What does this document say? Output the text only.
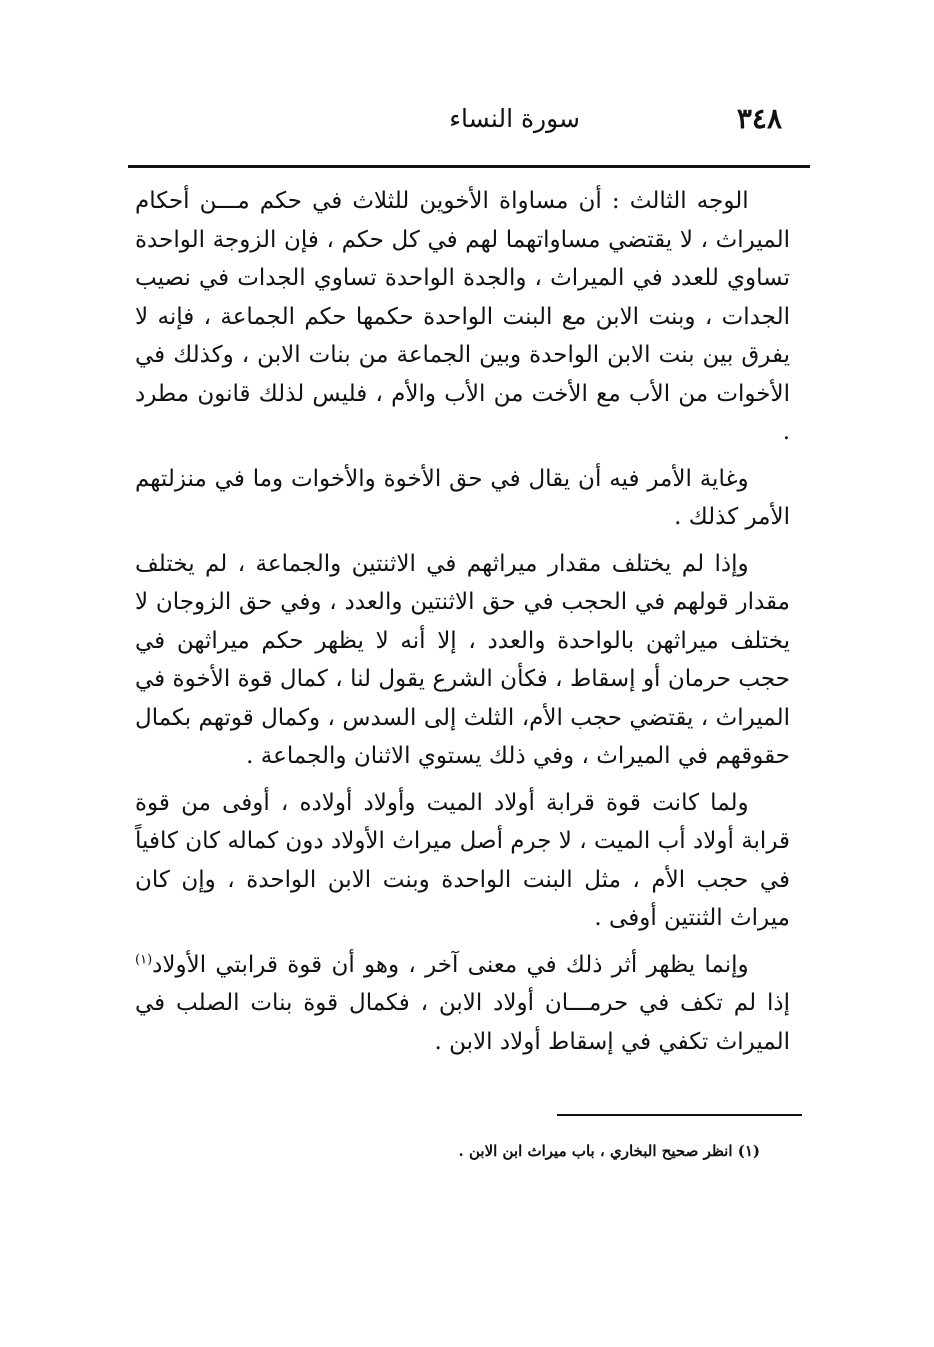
٣٤٨
سورة النساء

الوجه الثالث : أن مساواة الأخوين للثلاث في حكم مـــن أحكام الميراث ، لا يقتضي مساواتهما لهم في كل حكم ، فإن الزوجة الواحدة تساوي للعدد في الميراث ، والجدة الواحدة تساوي الجدات في نصيب الجدات ، وبنت الابن مع البنت الواحدة حكمها حكم الجماعة ، فإنه لا يفرق بين بنت الابن الواحدة وبين الجماعة من بنات الابن ، وكذلك في الأخوات من الأب مع الأخت من الأب والأم ، فليس لذلك قانون مطرد .

وغاية الأمر فيه أن يقال في حق الأخوة والأخوات وما في منزلتهم الأمر كذلك .

وإذا لم يختلف مقدار ميراثهم في الاثنتين والجماعة ، لم يختلف مقدار قولهم في الحجب في حق الاثنتين والعدد ، وفي حق الزوجان لا يختلف ميراثهن بالواحدة والعدد ، إلا أنه لا يظهر حكم ميراثهن في حجب حرمان أو إسقاط ، فكأن الشرع يقول لنا ، كمال قوة الأخوة في الميراث ، يقتضي حجب الأم، الثلث إلى السدس ، وكمال قوتهم بكمال حقوقهم في الميراث ، وفي ذلك يستوي الاثنان والجماعة .

ولما كانت قوة قرابة أولاد الميت وأولاد أولاده ، أوفى من قوة قرابة أولاد أب الميت ، لا جرم أصل ميراث الأولاد دون كماله كان كافياً في حجب الأم ، مثل البنت الواحدة وبنت الابن الواحدة ، وإن كان ميراث الثنتين أوفى .

وإنما يظهر أثر ذلك في معنى آخر ، وهو أن قوة قرابتي الأولاد$^{(١)}$ إذا لم تكف في حرمـــان أولاد الابن ، فكمال قوة بنات الصلب في الميراث تكفي في إسقاط أولاد الابن .

(١) انظر صحيح البخاري ، باب ميراث ابن الابن .
